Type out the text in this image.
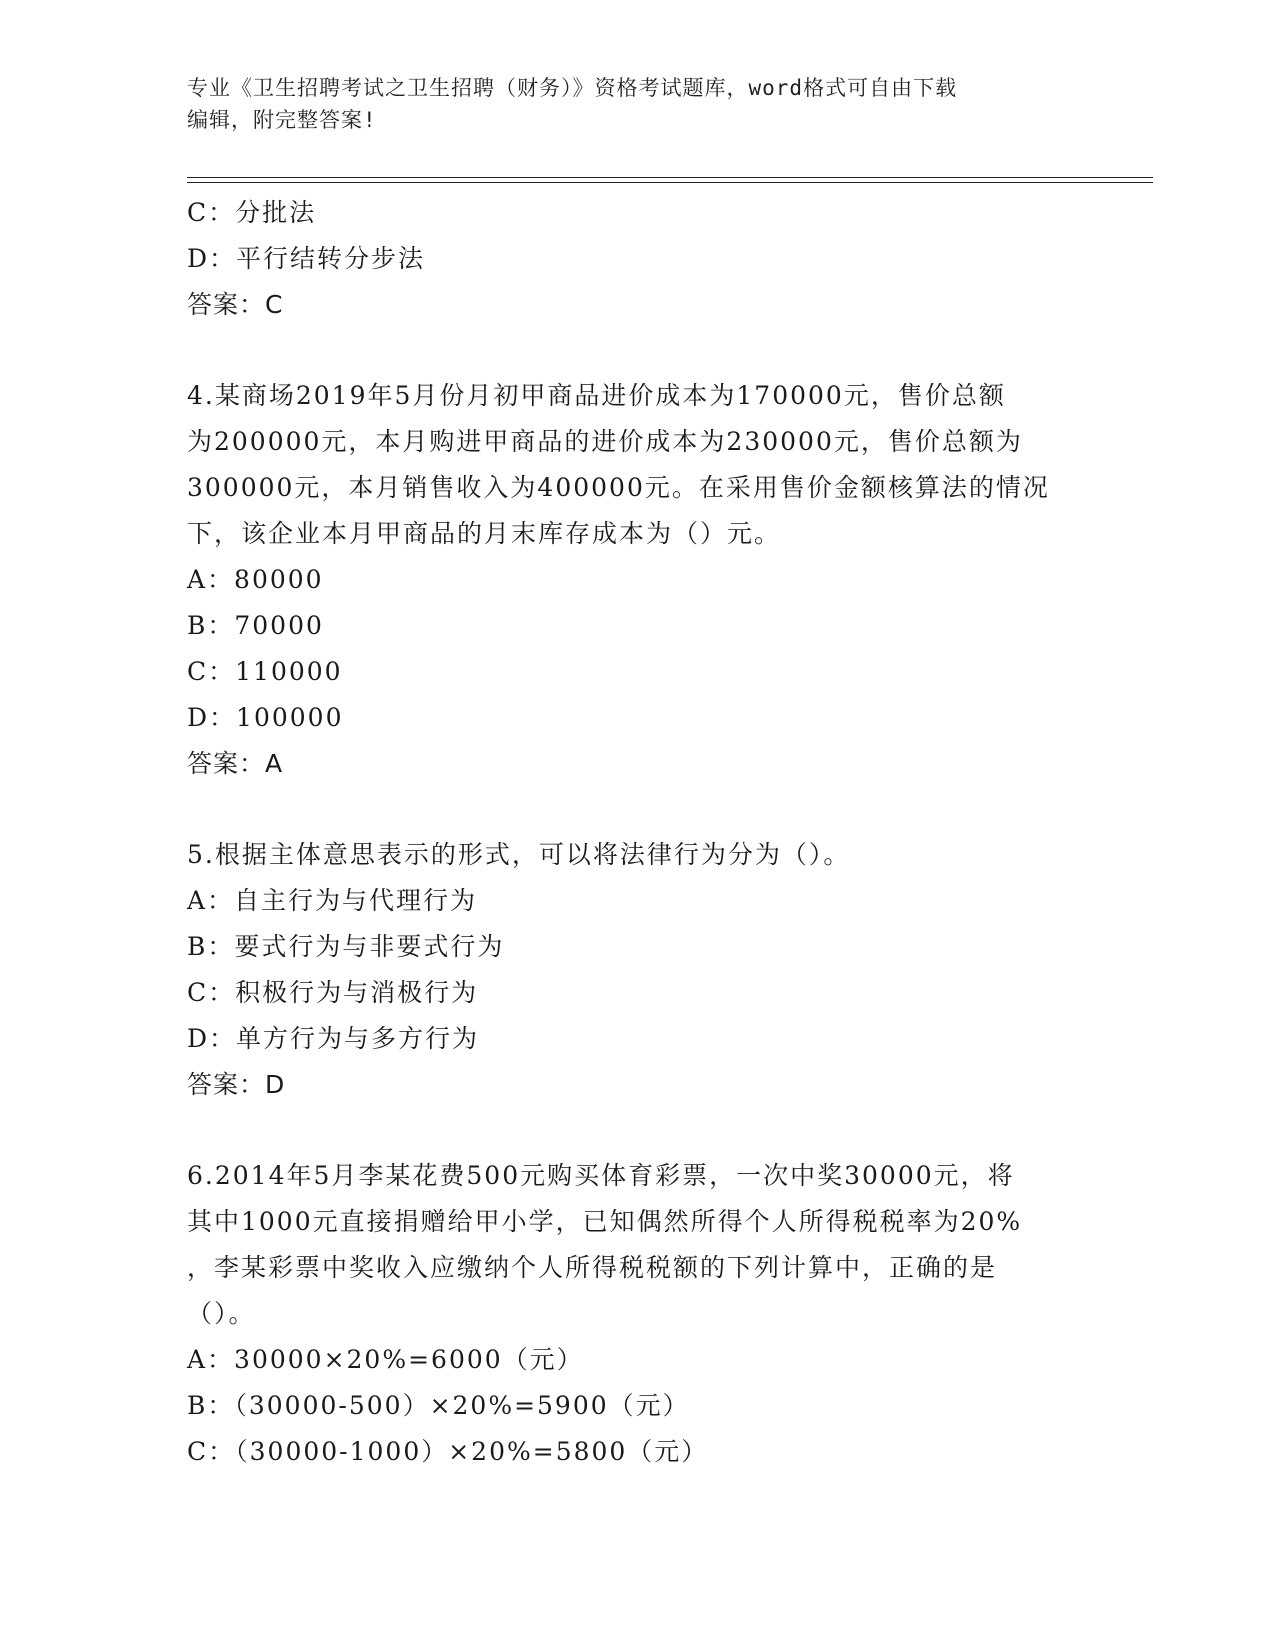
专业《卫生招聘考试之卫生招聘（财务）》资格考试题库，word格式可自由下载
编辑，附完整答案!
C：分批法
D：平行结转分步法
答案：C
4.某商场2019年5月份月初甲商品进价成本为170000元，售价总额
为200000元，本月购进甲商品的进价成本为230000元，售价总额为
300000元，本月销售收入为400000元。在采用售价金额核算法的情况
下，该企业本月甲商品的月末库存成本为（）元。
A：80000
B：70000
C：110000
D：100000
答案：A
5.根据主体意思表示的形式，可以将法律行为分为（）。
A：自主行为与代理行为
B：要式行为与非要式行为
C：积极行为与消极行为
D：单方行为与多方行为
答案：D
6.2014年5月李某花费500元购买体育彩票，一次中奖30000元，将
其中1000元直接捐赠给甲小学，已知偶然所得个人所得税税率为20%
，李某彩票中奖收入应缴纳个人所得税税额的下列计算中，正确的是
（）。
A：30000×20%=6000（元）
B：（30000-500）×20%=5900（元）
C：（30000-1000）×20%=5800（元）
